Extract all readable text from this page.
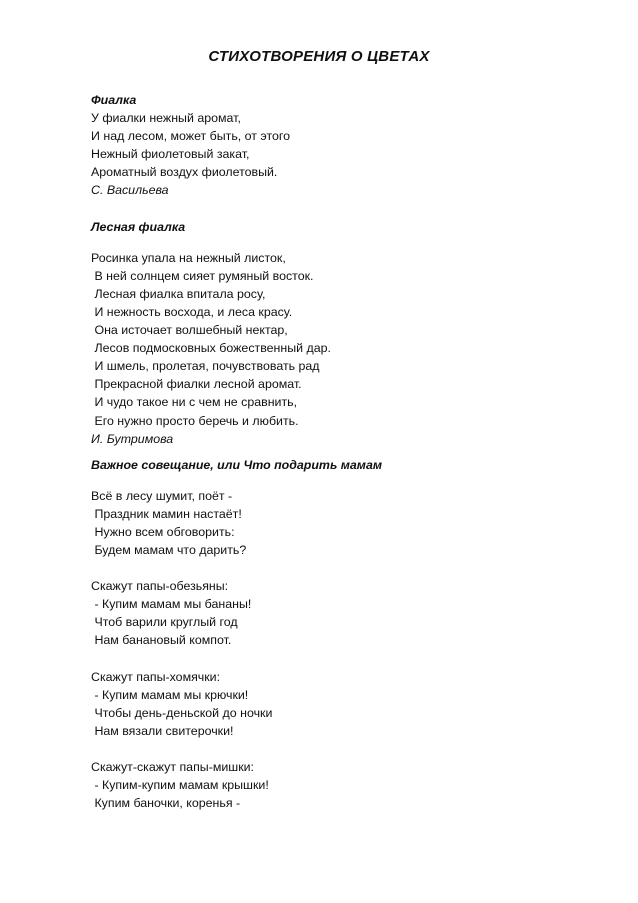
СТИХОТВОРЕНИЯ О ЦВЕТАХ
Фиалка
У фиалки нежный аромат,
И над лесом, может быть, от этого
Нежный фиолетовый закат,
Ароматный воздух фиолетовый.
С. Васильева
Лесная фиалка
Росинка упала на нежный листок,
В ней солнцем сияет румяный восток.
Лесная фиалка впитала росу,
И нежность восхода, и леса красу.
Она источает волшебный нектар,
Лесов подмосковных божественный дар.
И шмель, пролетая, почувствовать рад
Прекрасной фиалки лесной аромат.
И чудо такое ни с чем не сравнить,
Его нужно просто беречь и любить.
И. Бутримова
Важное совещание, или Что подарить мамам
Всё в лесу шумит, поёт -
Праздник мамин настаёт!
Нужно всем обговорить:
Будем мамам что дарить?
Скажут папы-обезьяны:
- Купим мамам мы бананы!
Чтоб варили круглый год
Нам банановый компот.
Скажут папы-хомячки:
- Купим мамам мы крючки!
Чтобы день-деньской до ночки
Нам вязали свитерочки!
Скажут-скажут папы-мишки:
- Купим-купим мамам крышки!
Купим баночки, коренья -
